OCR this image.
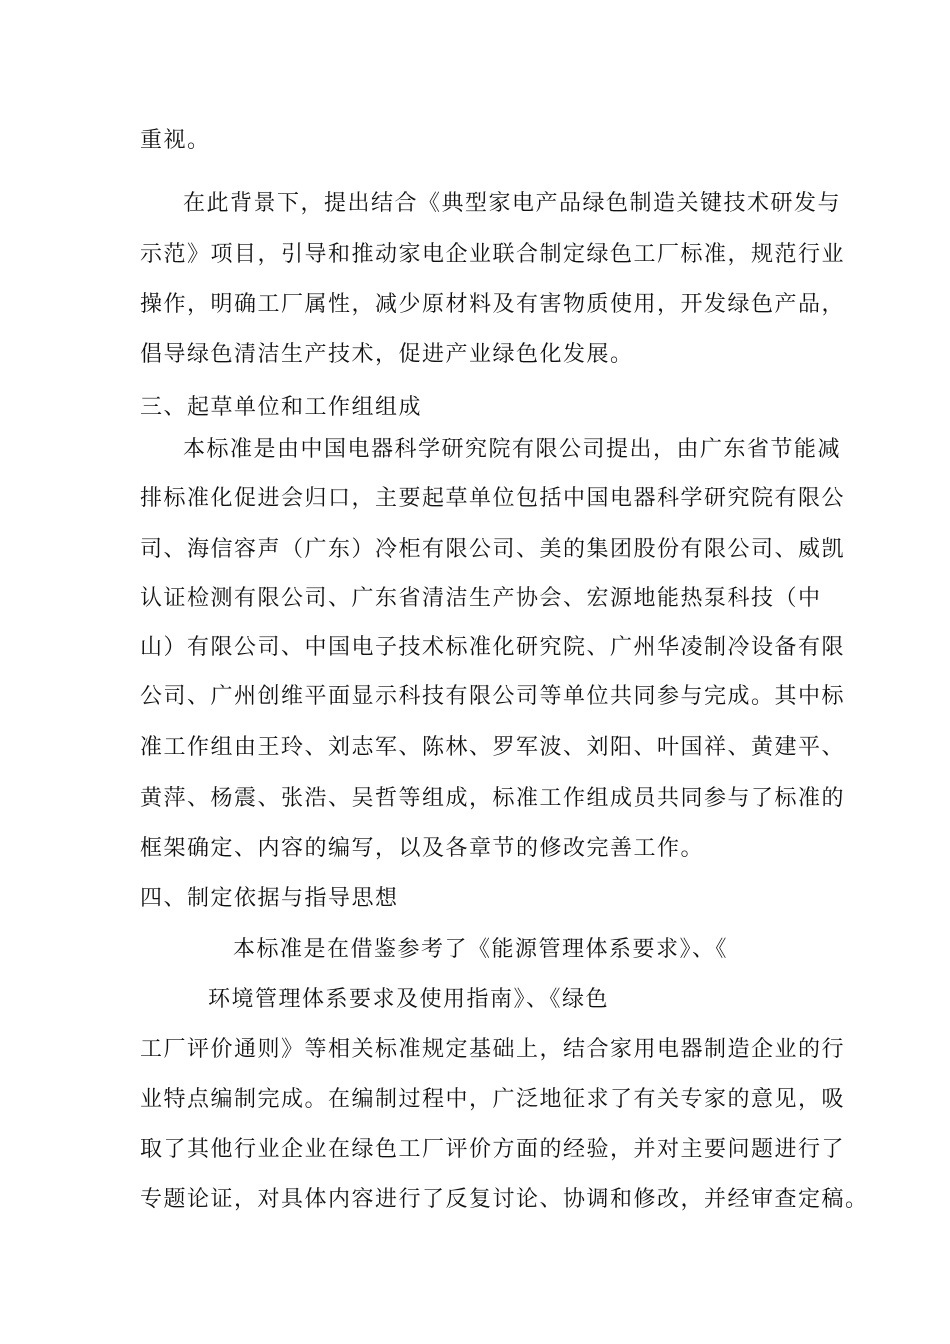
重视。
在此背景下，提出结合《典型家电产品绿色制造关键技术研发与
示范》项目，引导和推动家电企业联合制定绿色工厂标准，规范行业
操作，明确工厂属性，减少原材料及有害物质使用，开发绿色产品，
倡导绿色清洁生产技术，促进产业绿色化发展。
三、起草单位和工作组组成
本标准是由中国电器科学研究院有限公司提出，由广东省节能减
排标准化促进会归口，主要起草单位包括中国电器科学研究院有限公
司、海信容声（广东）冷柜有限公司、美的集团股份有限公司、威凯
认证检测有限公司、广东省清洁生产协会、宏源地能热泵科技（中
山）有限公司、中国电子技术标准化研究院、广州华凌制冷设备有限
公司、广州创维平面显示科技有限公司等单位共同参与完成。其中标
准工作组由王玲、刘志军、陈林、罗军波、刘阳、叶国祥、黄建平、
黄萍、杨震、张浩、吴哲等组成，标准工作组成员共同参与了标准的
框架确定、内容的编写，以及各章节的修改完善工作。
四、制定依据与指导思想
本标准是在借鉴参考了《能源管理体系要求》、《
环境管理体系要求及使用指南》、《绿色
工厂评价通则》等相关标准规定基础上，结合家用电器制造企业的行
业特点编制完成。在编制过程中，广泛地征求了有关专家的意见，吸
取了其他行业企业在绿色工厂评价方面的经验，并对主要问题进行了
专题论证，对具体内容进行了反复讨论、协调和修改，并经审查定稿。
